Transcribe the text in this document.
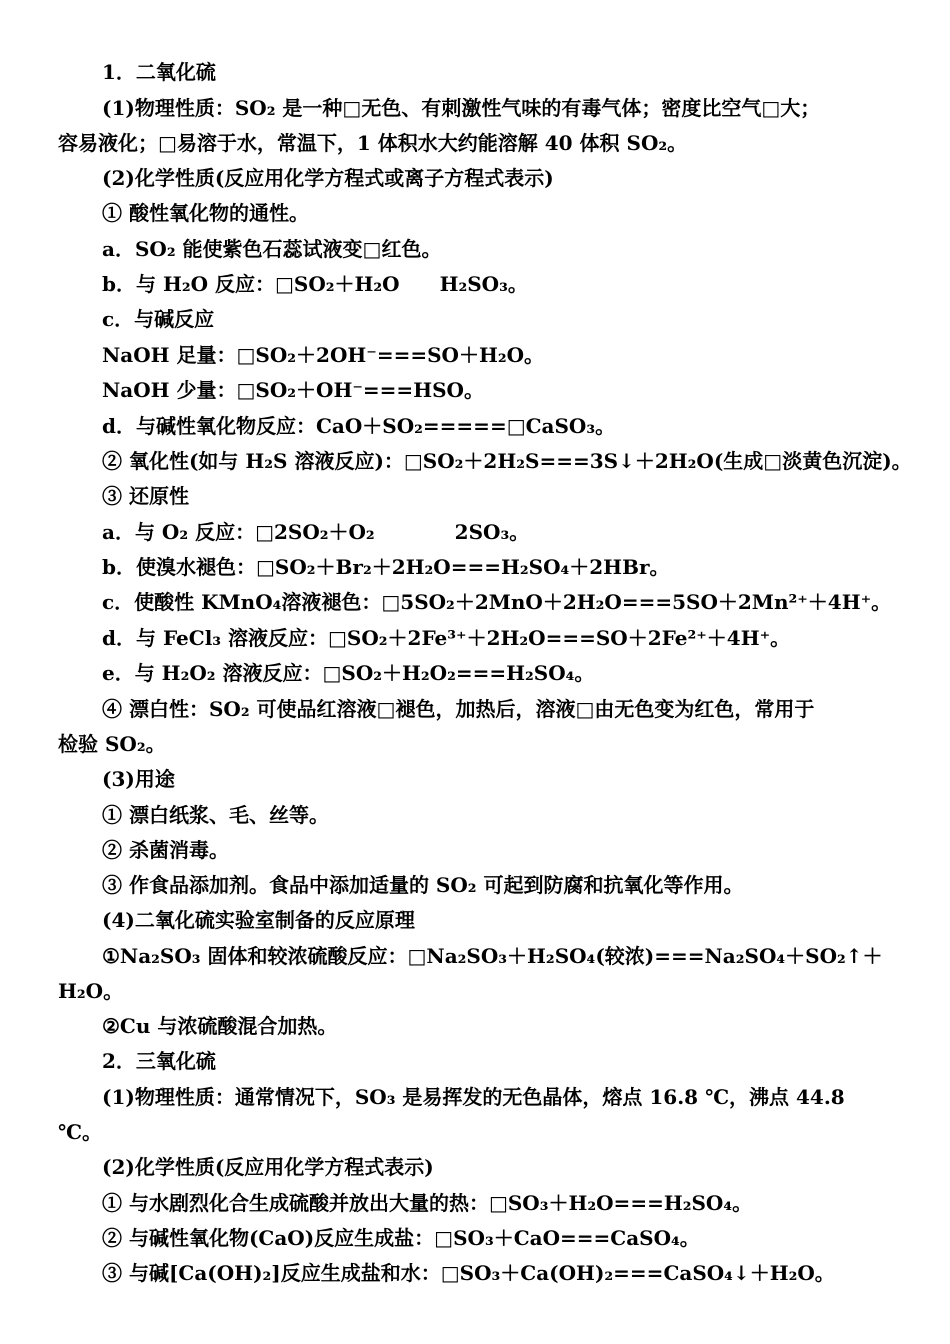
1．二氧化硫
(1)物理性质：SO₂ 是一种□无色、有刺激性气味的有毒气体；密度比空气□大；
容易液化；□易溶于水，常温下，1 体积水大约能溶解 40 体积 SO₂。
(2)化学性质(反应用化学方程式或离子方程式表示)
① 酸性氧化物的通性。
a．SO₂ 能使紫色石蕊试液变□红色。
b．与 H₂O 反应：□SO₂＋H₂O　　H₂SO₃。
c．与碱反应
NaOH 足量：□SO₂＋2OH⁻===SO＋H₂O。
NaOH 少量：□SO₂＋OH⁻===HSO。
d．与碱性氧化物反应：CaO＋SO₂=====□CaSO₃。
② 氧化性(如与 H₂S 溶液反应)：□SO₂＋2H₂S===3S↓＋2H₂O(生成□淡黄色沉淀)。
③ 还原性
a．与 O₂ 反应：□2SO₂＋O₂　　　　2SO₃。
b．使溴水褪色：□SO₂＋Br₂＋2H₂O===H₂SO₄＋2HBr。
c．使酸性 KMnO₄溶液褪色：□5SO₂＋2MnO＋2H₂O===5SO＋2Mn²⁺＋4H⁺。
d．与 FeCl₃ 溶液反应：□SO₂＋2Fe³⁺＋2H₂O===SO＋2Fe²⁺＋4H⁺。
e．与 H₂O₂ 溶液反应：□SO₂＋H₂O₂===H₂SO₄。
④ 漂白性：SO₂ 可使品红溶液□褪色，加热后，溶液□由无色变为红色，常用于
检验 SO₂。
(3)用途
① 漂白纸浆、毛、丝等。
② 杀菌消毒。
③ 作食品添加剂。食品中添加适量的 SO₂ 可起到防腐和抗氧化等作用。
(4)二氧化硫实验室制备的反应原理
①Na₂SO₃ 固体和较浓硫酸反应：□Na₂SO₃＋H₂SO₄(较浓)===Na₂SO₄＋SO₂↑＋
H₂O。
②Cu 与浓硫酸混合加热。
2．三氧化硫
(1)物理性质：通常情况下，SO₃ 是易挥发的无色晶体，熔点 16.8 ℃，沸点 44.8
℃。
(2)化学性质(反应用化学方程式表示)
① 与水剧烈化合生成硫酸并放出大量的热：□SO₃＋H₂O===H₂SO₄。
② 与碱性氧化物(CaO)反应生成盐：□SO₃＋CaO===CaSO₄。
③ 与碱[Ca(OH)₂]反应生成盐和水：□SO₃＋Ca(OH)₂===CaSO₄↓＋H₂O。
